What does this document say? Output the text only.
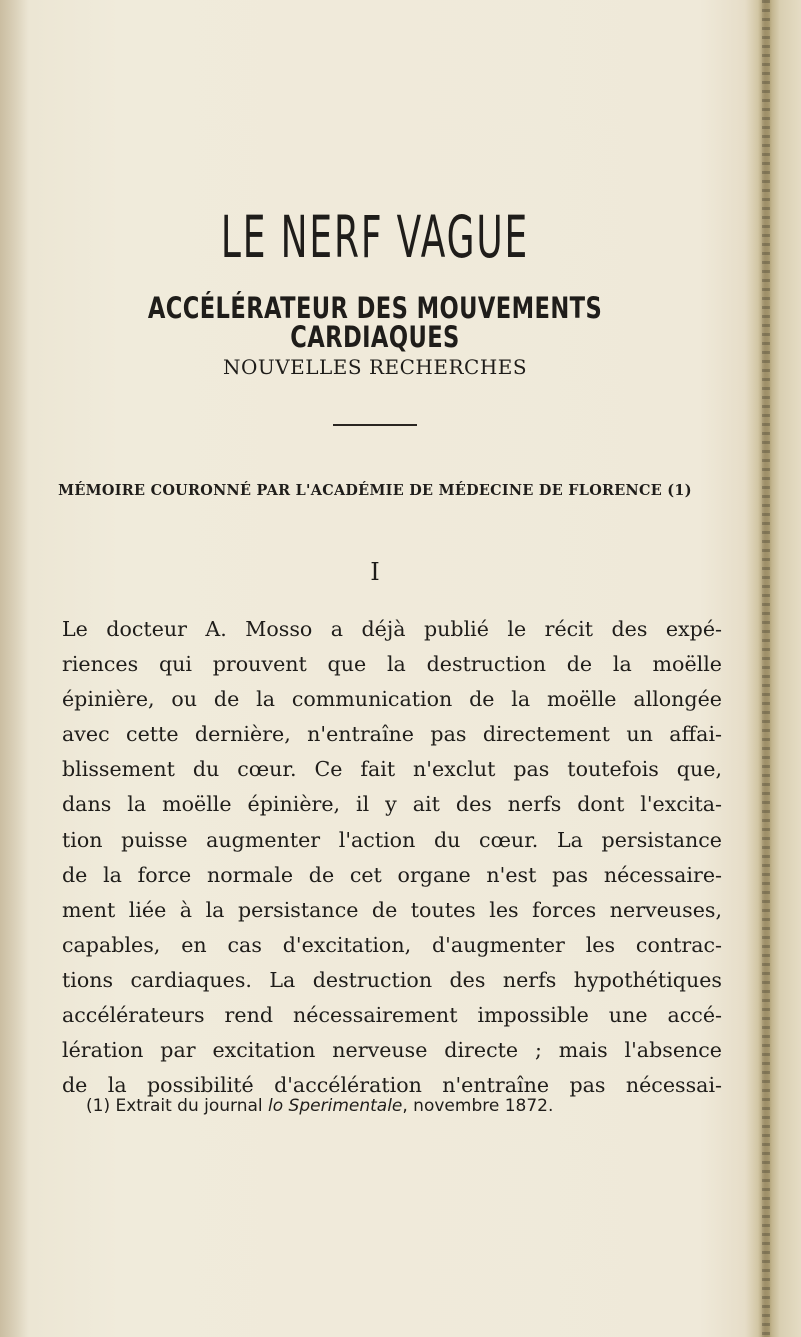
LE NERF VAGUE
ACCÉLÉRATEUR DES MOUVEMENTS CARDIAQUES
NOUVELLES RECHERCHES
MÉMOIRE COURONNÉ PAR L'ACADÉMIE DE MÉDECINE DE FLORENCE (1)
I
Le docteur A. Mosso a déjà publié le récit des expé-
riences qui prouvent que la destruction de la moëlle
épinière, ou de la communication de la moëlle allongée
avec cette dernière, n'entraîne pas directement un affai-
blissement du cœur. Ce fait n'exclut pas toutefois que,
dans la moëlle épinière, il y ait des nerfs dont l'excita-
tion puisse augmenter l'action du cœur. La persistance
de la force normale de cet organe n'est pas nécessaire-
ment liée à la persistance de toutes les forces nerveuses,
capables, en cas d'excitation, d'augmenter les contrac-
tions cardiaques. La destruction des nerfs hypothétiques
accélérateurs rend nécessairement impossible une accé-
lération par excitation nerveuse directe ; mais l'absence
de la possibilité d'accélération n'entraîne pas nécessai-
(1) Extrait du journal lo Sperimentale, novembre 1872.
